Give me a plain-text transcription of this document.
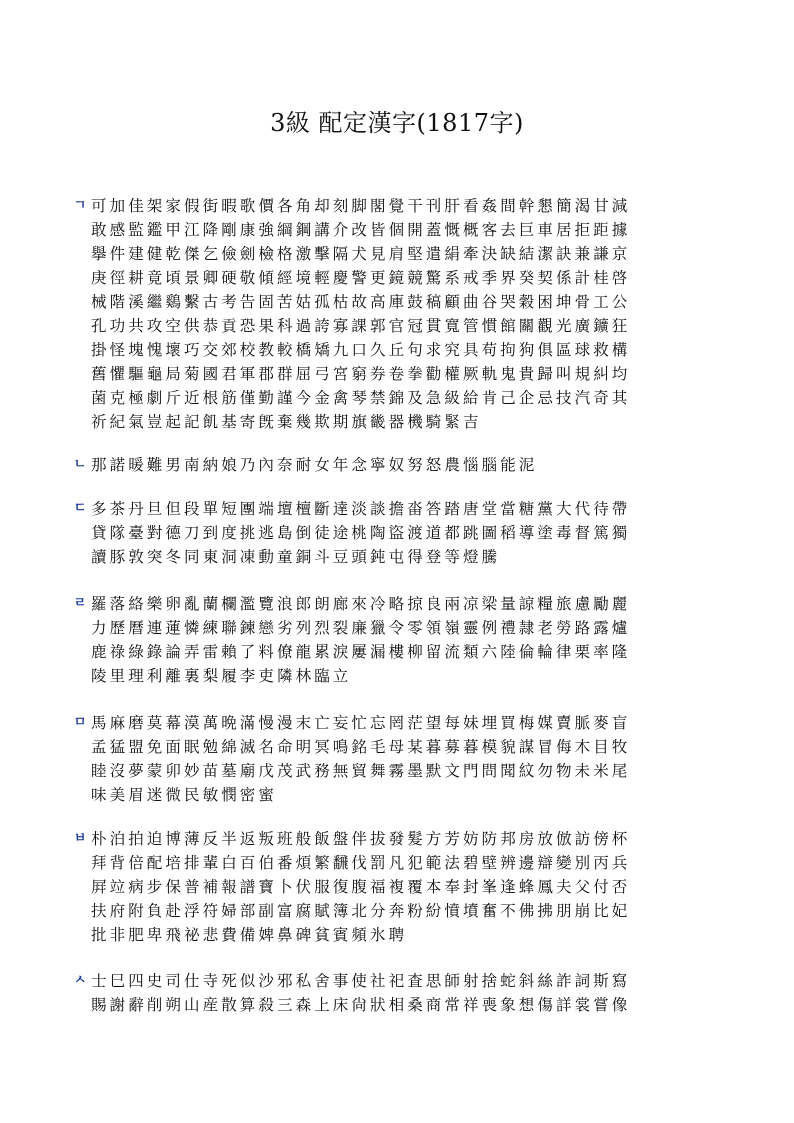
3級 配定漢字(1817字)
ㄱ 可加佳架家假街暇歌價各角却刻脚閣覺干刊肝看姦間幹懇簡渴甘減
敢感監鑑甲江降剛康強綱鋼講介改皆個開蓋慨概客去巨車居拒距據
擧件建健乾傑乞儉劍檢格激擊隔犬見肩堅遣絹牽決缺結潔訣兼謙京
庚徑耕竟頃景卿硬敬傾經境輕慶警更鏡競驚系戒季界癸契係計桂啓
械階溪繼鷄繫古考告固苦姑孤枯故高庫鼓稿顧曲谷哭穀困坤骨工公
孔功共攻空供恭貢恐果科過誇寡課郭官冠貫寬管慣館關觀光廣鑛狂
掛怪塊愧壞巧交郊校教較橋矯九口久丘句求究具苟拘狗俱區球救構
舊懼驅龜局菊國君軍郡群屈弓宮窮券卷拳勸權厥軌鬼貴歸叫規糾均
菌克極劇斤近根筋僅勤謹今金禽琴禁錦及急級給肯己企忌技汽奇其
祈紀氣豈起記飢基寄旣棄幾欺期旗畿器機騎緊吉
ㄴ 那諾暖難男南納娘乃內奈耐女年念寧奴努怒農惱腦能泥
ㄷ 多茶丹旦但段單短團端壇檀斷達淡談擔畓答踏唐堂當糖黨大代待帶
貸隊臺對德刀到度挑逃島倒徒途桃陶盜渡道都跳圖稻導塗毒督篤獨
讀豚敦突冬同東洞凍動童銅斗豆頭鈍屯得登等燈騰
ㄹ 羅落絡樂卵亂蘭欄濫覽浪郎朗廊來冷略掠良兩凉梁量諒糧旅慮勵麗
力歷曆連蓮憐練聯鍊戀劣列烈裂廉獵令零領嶺靈例禮隷老勞路露爐
鹿祿綠錄論弄雷賴了料僚龍累淚屢漏樓柳留流類六陸倫輪律栗率隆
陵里理利離裏梨履李吏隣林臨立
ㅁ 馬麻磨莫幕漠萬晩滿慢漫末亡妄忙忘罔茫望每妹埋買梅媒賣脈麥盲
孟猛盟免面眠勉綿滅名命明冥鳴銘毛母某暮募暮模貌謀冒侮木目牧
睦沒夢蒙卯妙苗墓廟戊茂武務無貿舞霧墨默文門問聞紋勿物未米尾
味美眉迷微民敏憫密蜜
ㅂ 朴泊拍迫博薄反半返叛班般飯盤伴拔發髮方芳妨防邦房放倣訪傍杯
拜背倍配培排輩白百伯番煩繁飜伐罰凡犯範法碧壁辨邊辯變別丙兵
屛竝病步保普補報譜寶卜伏服復腹福複覆本奉封峯逢蜂鳳夫父付否
扶府附負赴浮符婦部副富腐賦簿北分奔粉紛憤墳奮不佛拂朋崩比妃
批非肥卑飛祕悲費備婢鼻碑貧賓頻氷聘
ㅅ 士巳四史司仕寺死似沙邪私舍事使社祀査思師射捨蛇斜絲詐詞斯寫
賜謝辭削朔山産散算殺三森上床尙狀相桑商常祥喪象想傷詳裳嘗像
